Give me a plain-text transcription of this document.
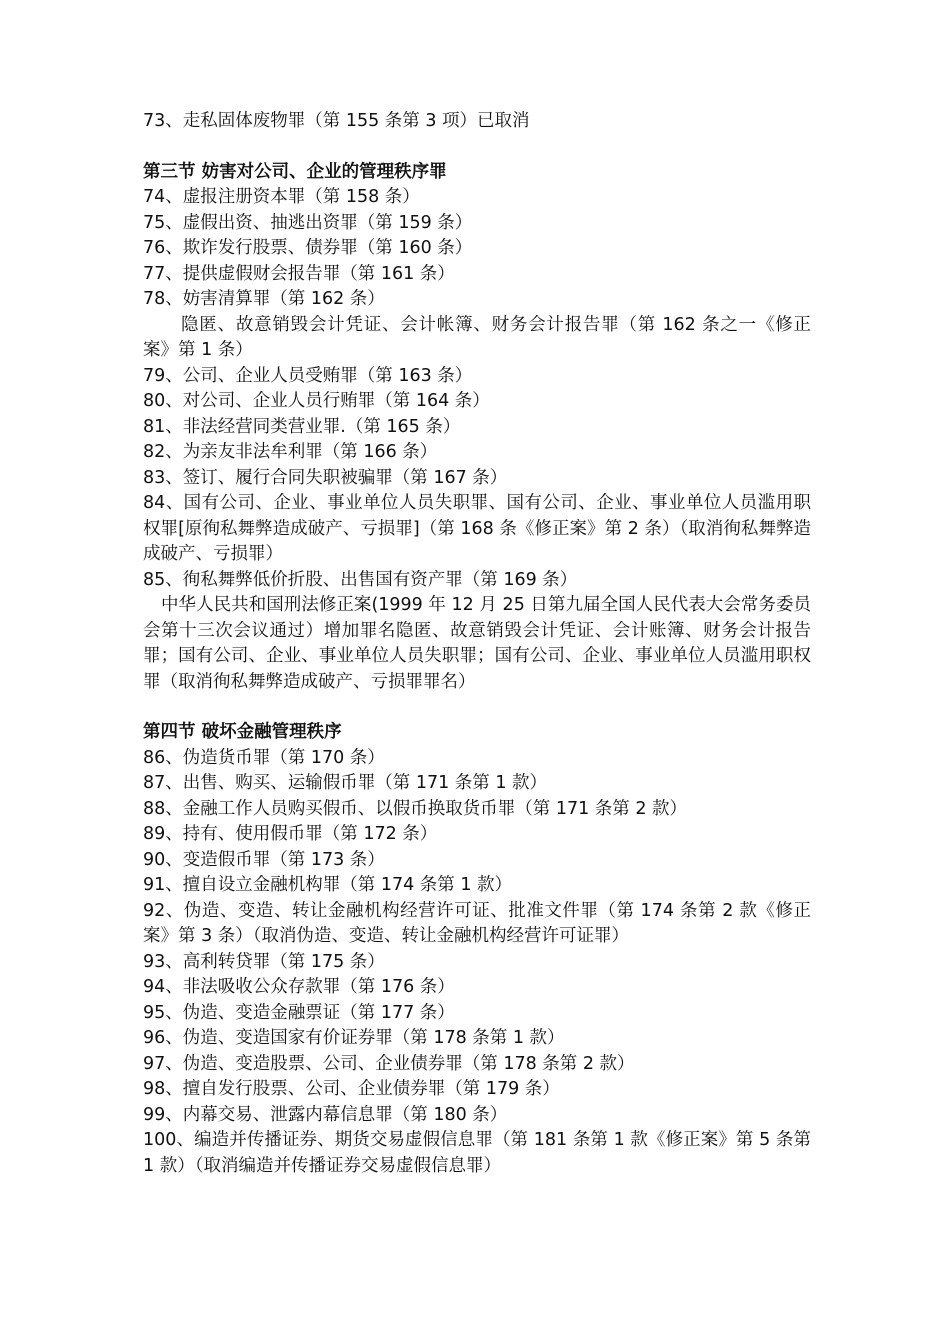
73、走私固体废物罪（第 155 条第 3 项）已取消

第三节 妨害对公司、企业的管理秩序罪

74、虚报注册资本罪（第 158 条）

75、虚假出资、抽逃出资罪（第 159 条）

76、欺诈发行股票、债券罪（第 160 条）

77、提供虚假财会报告罪（第 161 条）

78、妨害清算罪（第 162 条）

隐匿、故意销毁会计凭证、会计帐簿、财务会计报告罪（第 162 条之一《修正案》第 1 条）

79、公司、企业人员受贿罪（第 163 条）

80、对公司、企业人员行贿罪（第 164 条）

81、非法经营同类营业罪.（第 165 条）

82、为亲友非法牟利罪（第 166 条）

83、签订、履行合同失职被骗罪（第 167 条）

84、国有公司、企业、事业单位人员失职罪、国有公司、企业、事业单位人员滥用职权罪[原徇私舞弊造成破产、亏损罪]（第 168 条《修正案》第 2 条）（取消徇私舞弊造成破产、亏损罪）

85、徇私舞弊低价折股、出售国有资产罪（第 169 条）

中华人民共和国刑法修正案(1999 年 12 月 25 日第九届全国人民代表大会常务委员会第十三次会议通过）增加罪名隐匿、故意销毁会计凭证、会计账簿、财务会计报告罪；国有公司、企业、事业单位人员失职罪；国有公司、企业、事业单位人员滥用职权罪（取消徇私舞弊造成破产、亏损罪罪名）

第四节 破坏金融管理秩序

86、伪造货币罪（第 170 条）

87、出售、购买、运输假币罪（第 171 条第 1 款）

88、金融工作人员购买假币、以假币换取货币罪（第 171 条第 2 款）

89、持有、使用假币罪（第 172 条）

90、变造假币罪（第 173 条）

91、擅自设立金融机构罪（第 174 条第 1 款）

92、伪造、变造、转让金融机构经营许可证、批准文件罪（第 174 条第 2 款《修正案》第 3 条）（取消伪造、变造、转让金融机构经营许可证罪）

93、高利转贷罪（第 175 条）

94、非法吸收公众存款罪（第 176 条）

95、伪造、变造金融票证（第 177 条）

96、伪造、变造国家有价证券罪（第 178 条第 1 款）

97、伪造、变造股票、公司、企业债券罪（第 178 条第 2 款）

98、擅自发行股票、公司、企业债券罪（第 179 条）

99、内幕交易、泄露内幕信息罪（第 180 条）

100、编造并传播证券、期货交易虚假信息罪（第 181 条第 1 款《修正案》第 5 条第 1 款）（取消编造并传播证券交易虚假信息罪）
